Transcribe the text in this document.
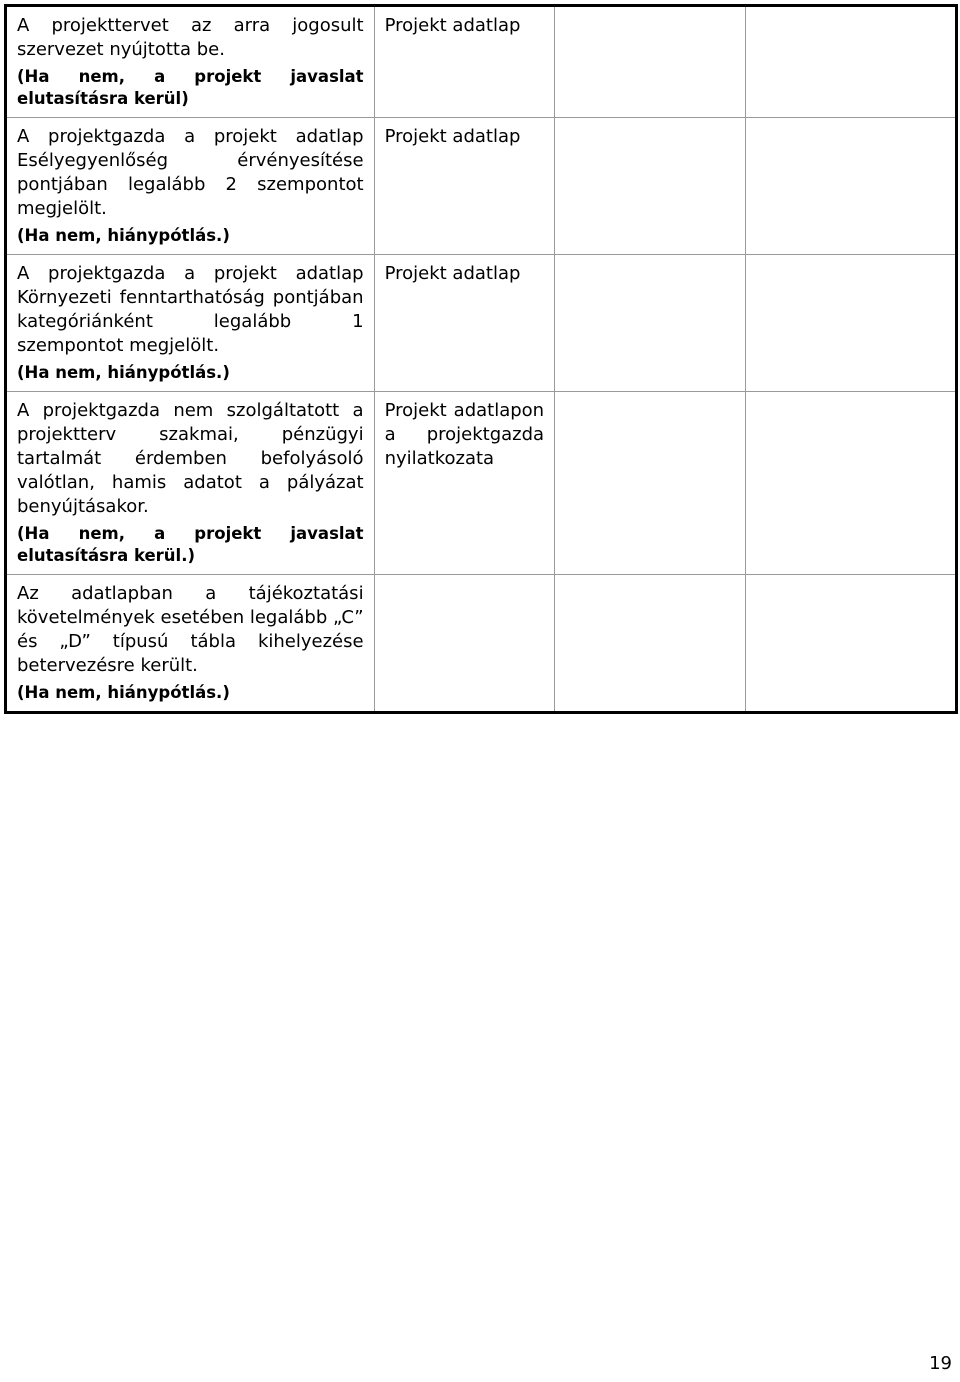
A projekttervet az arra jogosult szervezet nyújtotta be.
(Ha nem, a projekt javaslat elutasításra kerül)	Projekt adatlap		

A projektgazda a projekt adatlap Esélyegyenlőség érvényesítése pontjában legalább 2 szempontot megjelölt.
(Ha nem, hiánypótlás.)	Projekt adatlap		

A projektgazda a projekt adatlap Környezeti fenntarthatóság pontjában kategóriánként legalább 1 szempontot megjelölt.
(Ha nem, hiánypótlás.)	Projekt adatlap		

A projektgazda nem szolgáltatott a projektterv szakmai, pénzügyi tartalmát érdemben befolyásoló valótlan, hamis adatot a pályázat benyújtásakor.
(Ha nem, a projekt javaslat elutasításra kerül.)	Projekt adatlapon a projektgazda nyilatkozata		

Az adatlapban a tájékoztatási követelmények esetében legalább „C” és „D” típusú tábla kihelyezése betervezésre került.
(Ha nem, hiánypótlás.)			

19
